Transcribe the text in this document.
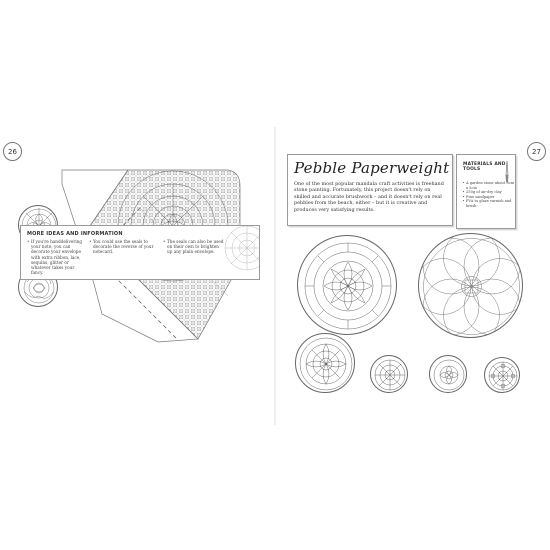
26	27
MORE IDEAS AND INFORMATION
• If you're handdelivering your note, you can decorate your envelope with extra ribbon, lace, sequins, glitter or whatever takes your fancy.
• You could use the seals to decorate the reverse of your notecard.
• The seals can also be used on their own to brighten up any plain envelope.
Pebble Paperweight
One of the most popular mandala craft activities is freehand stone painting. Fortunately, this project doesn't rely on skilled and accurate brushwork – and it doesn't rely on real pebbles from the beach, either – but it is creative and produces very satisfying results.
MATERIALS AND TOOLS
• A garden stone about 3cm x 5cm
• 250g of air-dry clay
• Fine sandpaper
• PVA to glaze varnish and brush
